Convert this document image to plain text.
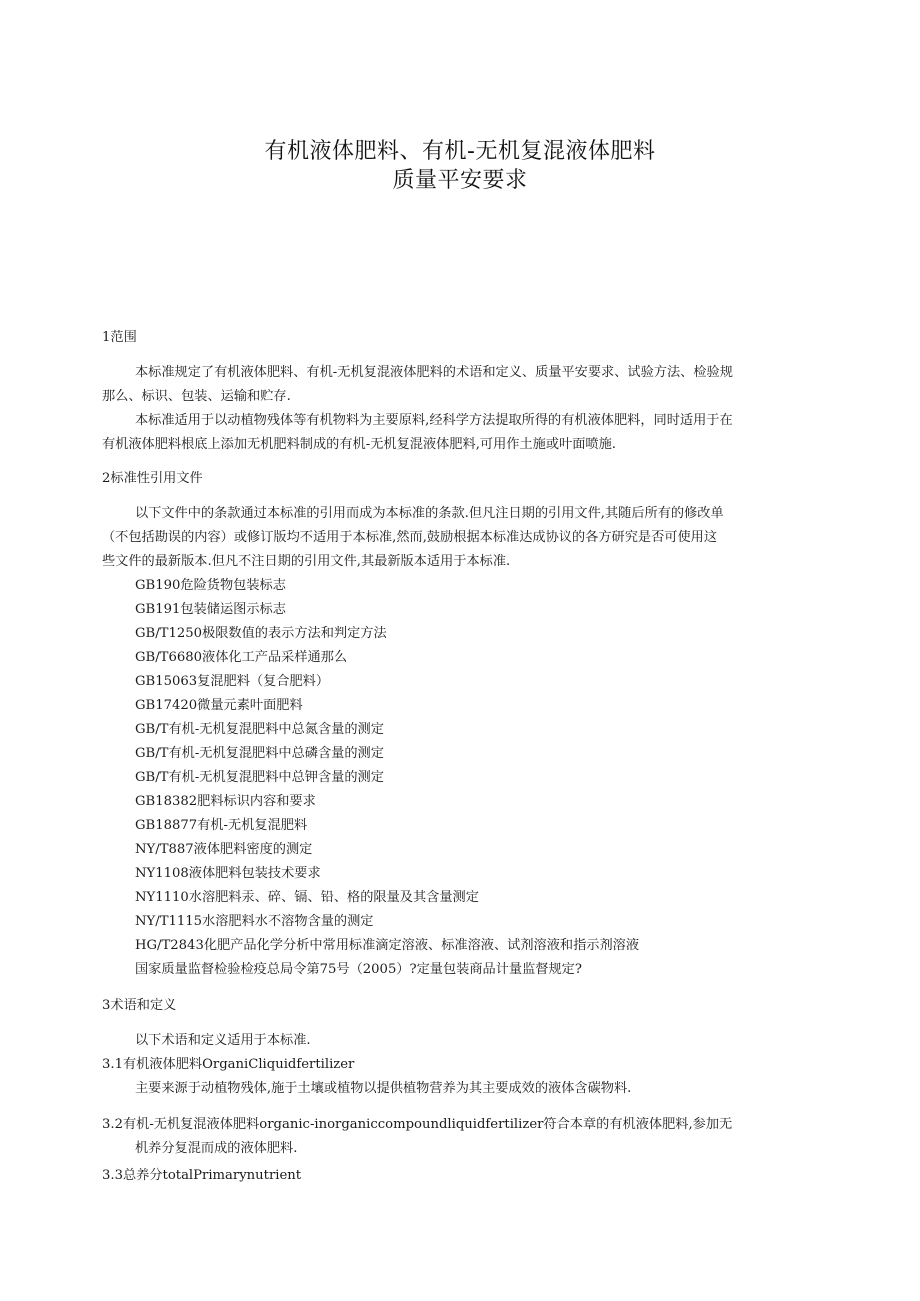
有机液体肥料、有机-无机复混液体肥料
质量平安要求
1范围
本标准规定了有机液体肥料、有机-无机复混液体肥料的术语和定义、质量平安要求、试验方法、检验规
那么、标识、包装、运输和贮存.
本标准适用于以动植物残体等有机物料为主要原料,经科学方法提取所得的有机液体肥料，同时适用于在
有机液体肥料根底上添加无机肥料制成的有机-无机复混液体肥料,可用作土施或叶面喷施.
2标准性引用文件
以下文件中的条款通过本标准的引用而成为本标准的条款.但凡注日期的引用文件,其随后所有的修改单
（不包括勘误的内容）或修订版均不适用于本标准,然而,鼓励根据本标准达成协议的各方研究是否可使用这
些文件的最新版本.但凡不注日期的引用文件,其最新版本适用于本标准.
GB190危险货物包装标志
GB191包装储运图示标志
GB/T1250极限数值的表示方法和判定方法
GB/T6680液体化工产品采样通那么
GB15063复混肥料（复合肥料）
GB17420微量元素叶面肥料
GB/T有机-无机复混肥料中总氮含量的测定
GB/T有机-无机复混肥料中总磷含量的测定
GB/T有机-无机复混肥料中总钾含量的测定
GB18382肥料标识内容和要求
GB18877有机-无机复混肥料
NY/T887液体肥料密度的测定
NY1108液体肥料包装技术要求
NY1110水溶肥料汞、碎、镉、铅、格的限量及其含量测定
NY/T1115水溶肥料水不溶物含量的测定
HG/T2843化肥产品化学分析中常用标准滴定溶液、标准溶液、试剂溶液和指示剂溶液
国家质量监督检验检疫总局令第75号（2005）?定量包装商品计量监督规定?
3术语和定义
以下术语和定义适用于本标准.
3.1有机液体肥料OrganiCliquidfertilizer
主要来源于动植物残体,施于土壤或植物以提供植物营养为其主要成效的液体含碳物料.
3.2有机-无机复混液体肥料organic-inorganiccompoundliquidfertilizer符合本章的有机液体肥料,参加无
机养分复混而成的液体肥料.
3.3总养分totalPrimarynutrient
